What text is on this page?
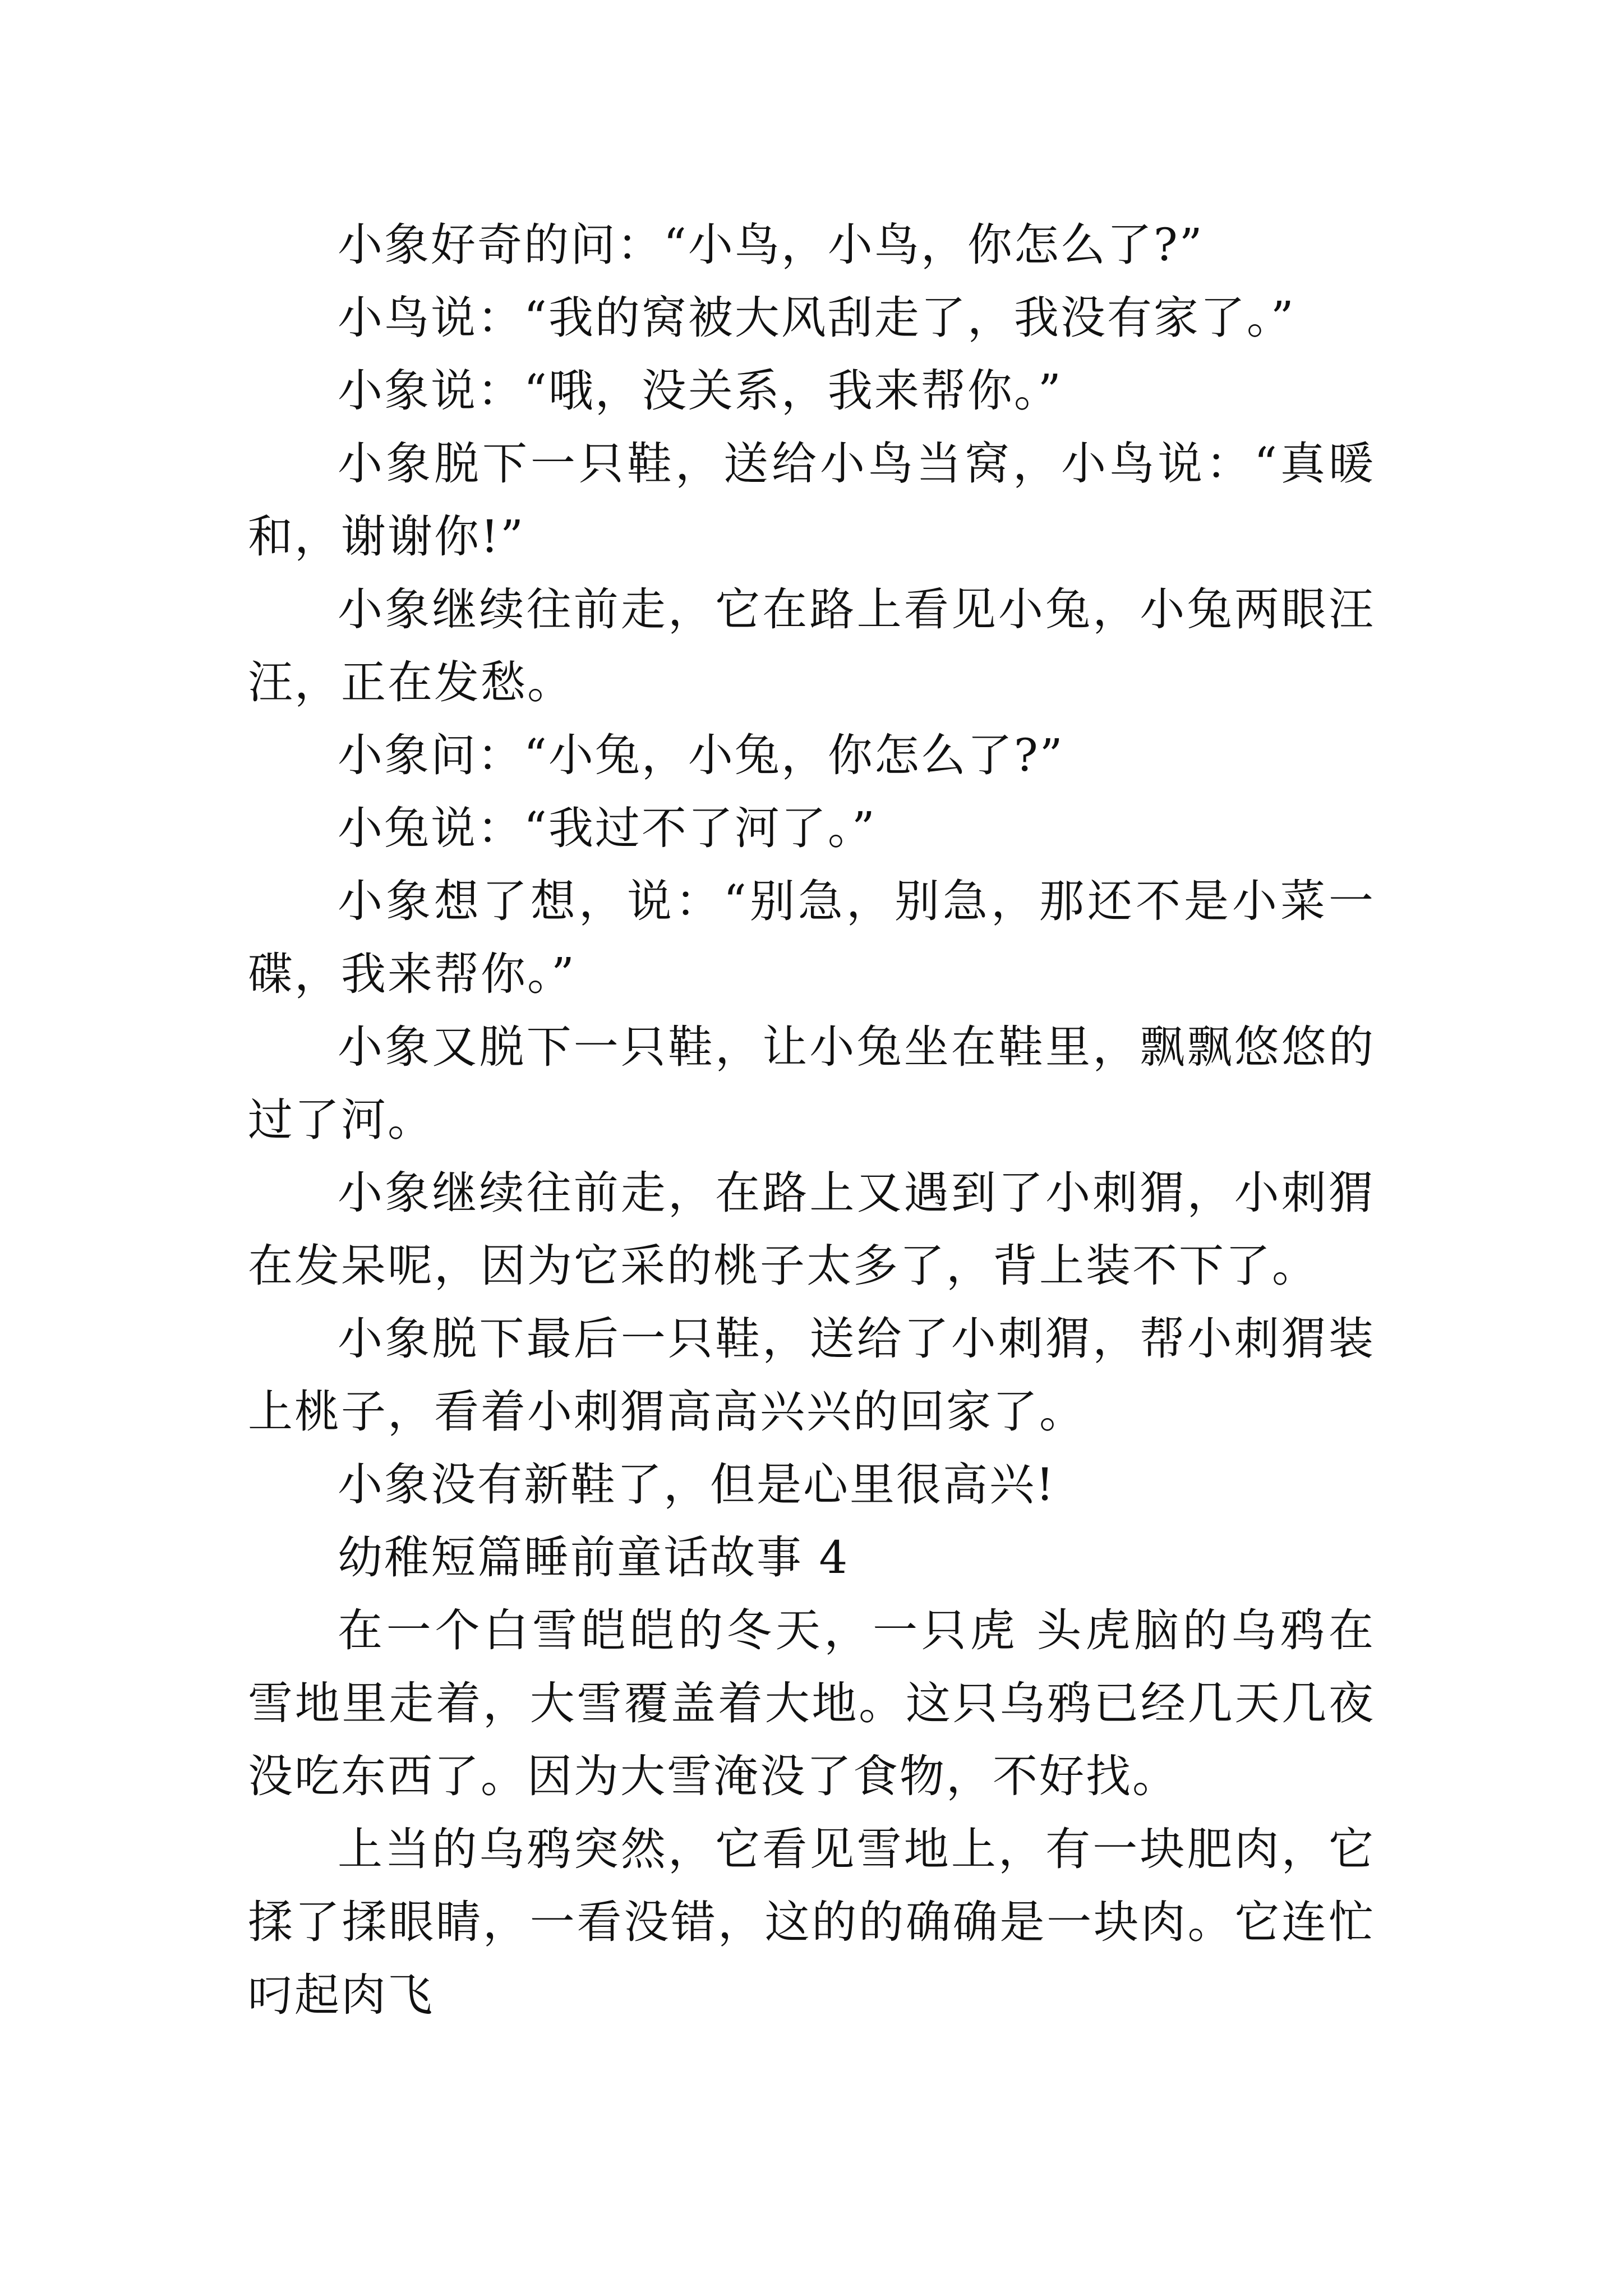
小象好奇的问：“小鸟，小鸟，你怎么了?”

小鸟说：“我的窝被大风刮走了，我没有家了。”

小象说：“哦，没关系，我来帮你。”

小象脱下一只鞋，送给小鸟当窝，小鸟说：“真暖和，谢谢你!”

小象继续往前走，它在路上看见小兔，小兔两眼汪汪，正在发愁。

小象问：“小兔，小兔，你怎么了?”

小兔说：“我过不了河了。”

小象想了想，说：“别急，别急，那还不是小菜一碟，我来帮你。”

小象又脱下一只鞋，让小兔坐在鞋里，飘飘悠悠的过了河。

小象继续往前走，在路上又遇到了小刺猬，小刺猬在发呆呢，因为它采的桃子太多了，背上装不下了。

小象脱下最后一只鞋，送给了小刺猬，帮小刺猬装上桃子，看着小刺猬高高兴兴的回家了。

小象没有新鞋了，但是心里很高兴!

幼稚短篇睡前童话故事 4

在一个白雪皑皑的冬天，一只虎 头虎脑的乌鸦在雪地里走着，大雪覆盖着大地。这只乌鸦已经几天几夜没吃东西了。因为大雪淹没了食物，不好找。

上当的乌鸦突然，它看见雪地上，有一块肥肉，它揉了揉眼睛，一看没错，这的的确确是一块肉。它连忙叼起肉飞
